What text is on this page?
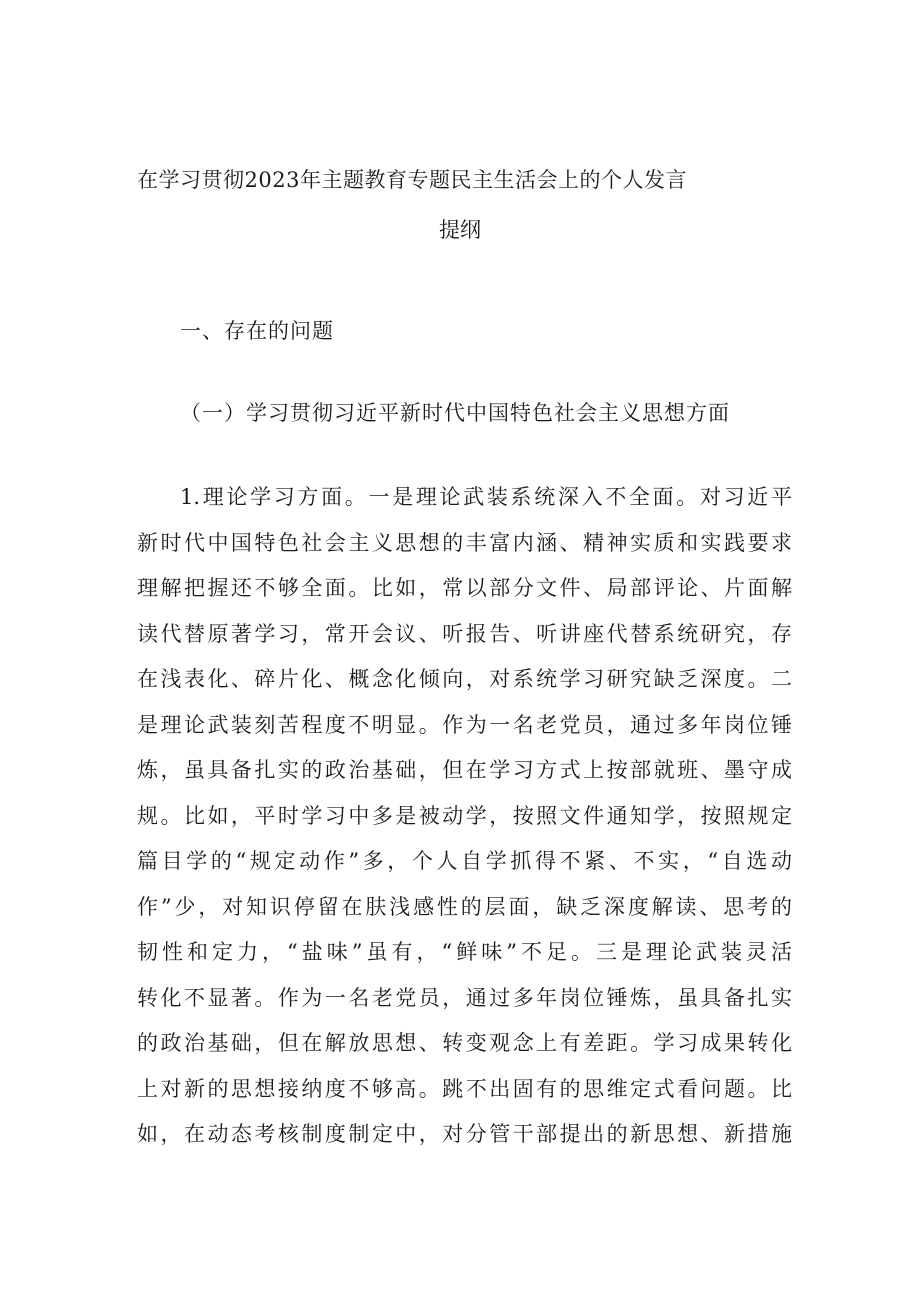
在学习贯彻2023年主题教育专题民主生活会上的个人发言
提纲
一、存在的问题
（一）学习贯彻习近平新时代中国特色社会主义思想方面
1.理论学习方面。一是理论武装系统深入不全面。对习近平
新时代中国特色社会主义思想的丰富内涵、精神实质和实践要求
理解把握还不够全面。比如，常以部分文件、局部评论、片面解
读代替原著学习，常开会议、听报告、听讲座代替系统研究，存
在浅表化、碎片化、概念化倾向，对系统学习研究缺乏深度。二
是理论武装刻苦程度不明显。作为一名老党员，通过多年岗位锤
炼，虽具备扎实的政治基础，但在学习方式上按部就班、墨守成
规。比如，平时学习中多是被动学，按照文件通知学，按照规定
篇目学的“规定动作”多，个人自学抓得不紧、不实，“自选动
作”少，对知识停留在肤浅感性的层面，缺乏深度解读、思考的
韧性和定力，“盐味”虽有，“鲜味”不足。三是理论武装灵活
转化不显著。作为一名老党员，通过多年岗位锤炼，虽具备扎实
的政治基础，但在解放思想、转变观念上有差距。学习成果转化
上对新的思想接纳度不够高。跳不出固有的思维定式看问题。比
如，在动态考核制度制定中，对分管干部提出的新思想、新措施
